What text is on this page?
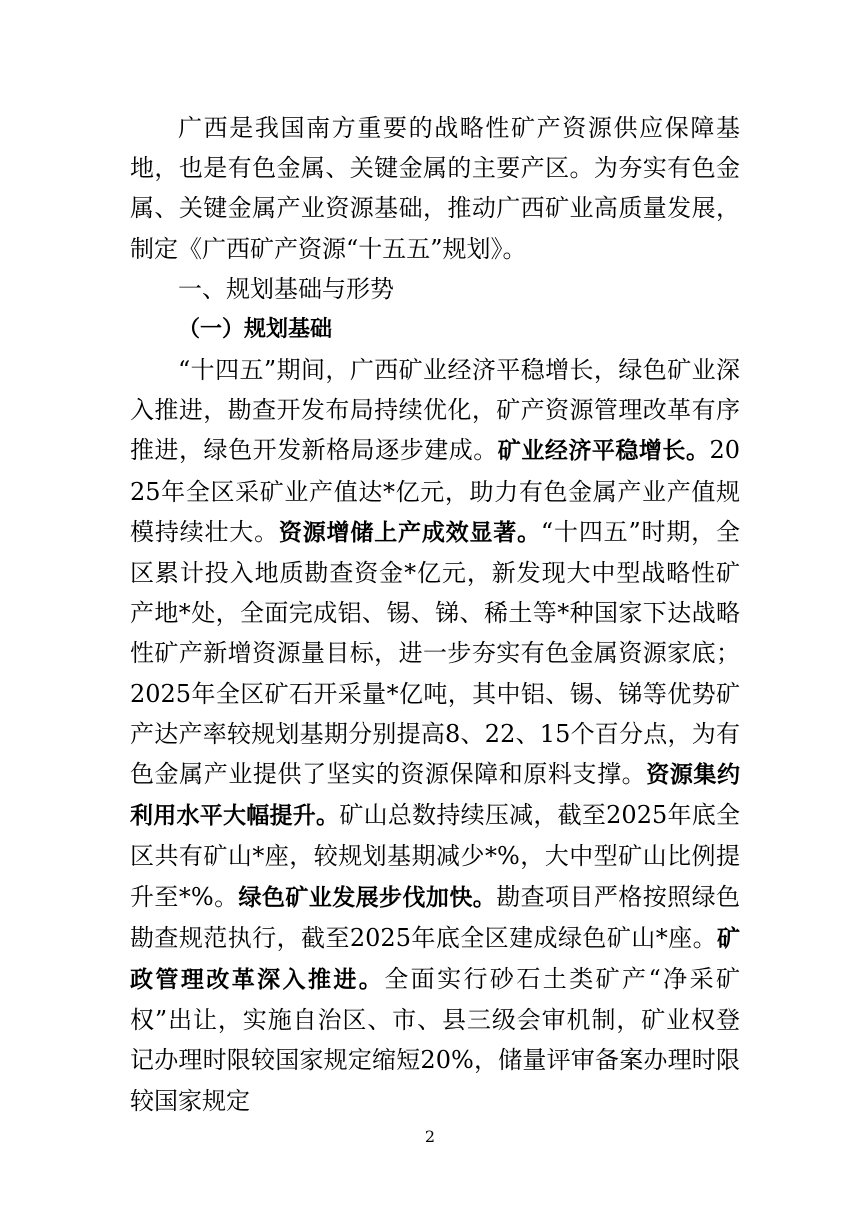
广西是我国南方重要的战略性矿产资源供应保障基地，也是有色金属、关键金属的主要产区。为夯实有色金属、关键金属产业资源基础，推动广西矿业高质量发展，制定《广西矿产资源“十五五”规划》。
一、规划基础与形势
（一）规划基础
“十四五”期间，广西矿业经济平稳增长，绿色矿业深入推进，勘查开发布局持续优化，矿产资源管理改革有序推进，绿色开发新格局逐步建成。矿业经济平稳增长。2025年全区采矿业产值达*亿元，助力有色金属产业产值规模持续壮大。资源增储上产成效显著。“十四五”时期，全区累计投入地质勘查资金*亿元，新发现大中型战略性矿产地*处，全面完成铝、锡、锑、稀土等*种国家下达战略性矿产新增资源量目标，进一步夯实有色金属资源家底；2025年全区矿石开采量*亿吨，其中铝、锡、锑等优势矿产达产率较规划基期分别提高8、22、15个百分点，为有色金属产业提供了坚实的资源保障和原料支撑。资源集约利用水平大幅提升。矿山总数持续压减，截至2025年底全区共有矿山*座，较规划基期减少*%，大中型矿山比例提升至*%。绿色矿业发展步伐加快。勘查项目严格按照绿色勘查规范执行，截至2025年底全区建成绿色矿山*座。矿政管理改革深入推进。全面实行砂石土类矿产“净采矿权”出让，实施自治区、市、县三级会审机制，矿业权登记办理时限较国家规定缩短20%，储量评审备案办理时限较国家规定
2
